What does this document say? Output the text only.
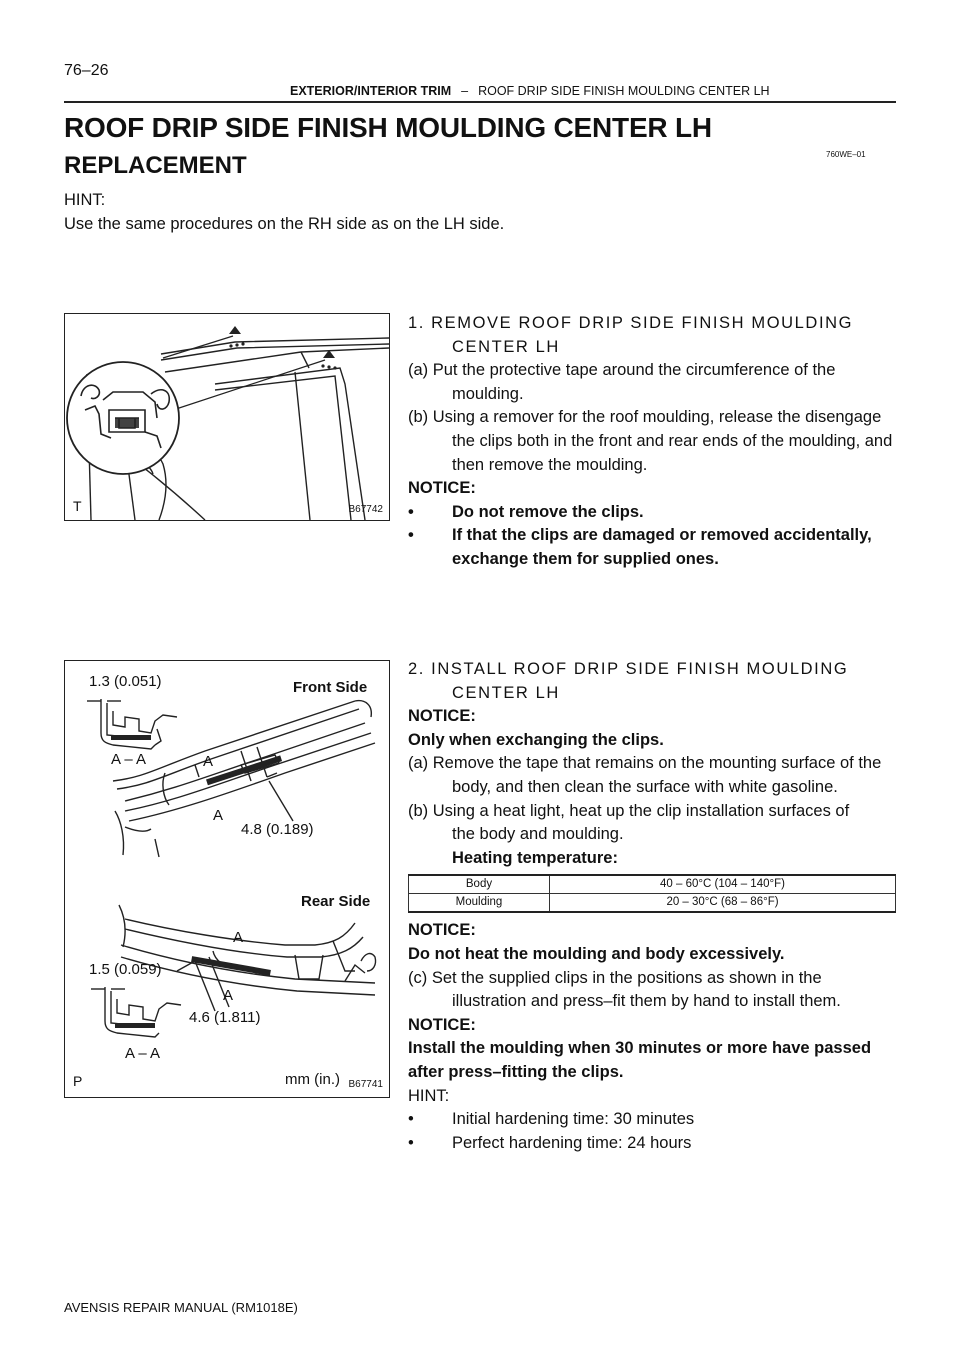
76–26
EXTERIOR/INTERIOR TRIM – ROOF DRIP SIDE FINISH MOULDING CENTER LH
ROOF DRIP SIDE FINISH MOULDING CENTER LH
760WE–01
REPLACEMENT
HINT:
Use the same procedures on the RH side as on the LH side.
T	B67742
1.3 (0.051)	Front Side
A – A	A
A
4.8 (0.189)
Rear Side
A
1.5 (0.059)
A
4.6 (1.811)
A – A
mm (in.)
P	B67741

1. REMOVE ROOF DRIP SIDE FINISH MOULDING

CENTER LH

(a) Put the protective tape around the circumference of the moulding.

(b) Using a remover for the roof moulding, release the disengage the clips both in the front and rear ends of the moulding, and then remove the moulding.

NOTICE:

• Do not remove the clips.

• If that the clips are damaged or removed accidentally, exchange them for supplied ones.

2. INSTALL ROOF DRIP SIDE FINISH MOULDING

CENTER LH

NOTICE:

Only when exchanging the clips.

(a) Remove the tape that remains on the mounting surface of the body, and then clean the surface with white gasoline.

(b) Using a heat light, heat up the clip installation surfaces of

the body and moulding.

Heating temperature:

Body	40 – 60°C (104 – 140°F)
Moulding	20 – 30°C (68 – 86°F)

NOTICE:

Do not heat the moulding and body excessively.

(c) Set the supplied clips in the positions as shown in the illustration and press–fit them by hand to install them.

NOTICE:

Install the moulding when 30 minutes or more have passed after press–fitting the clips.

HINT:

• Initial hardening time: 30 minutes

• Perfect hardening time: 24 hours

AVENSIS REPAIR MANUAL (RM1018E)
